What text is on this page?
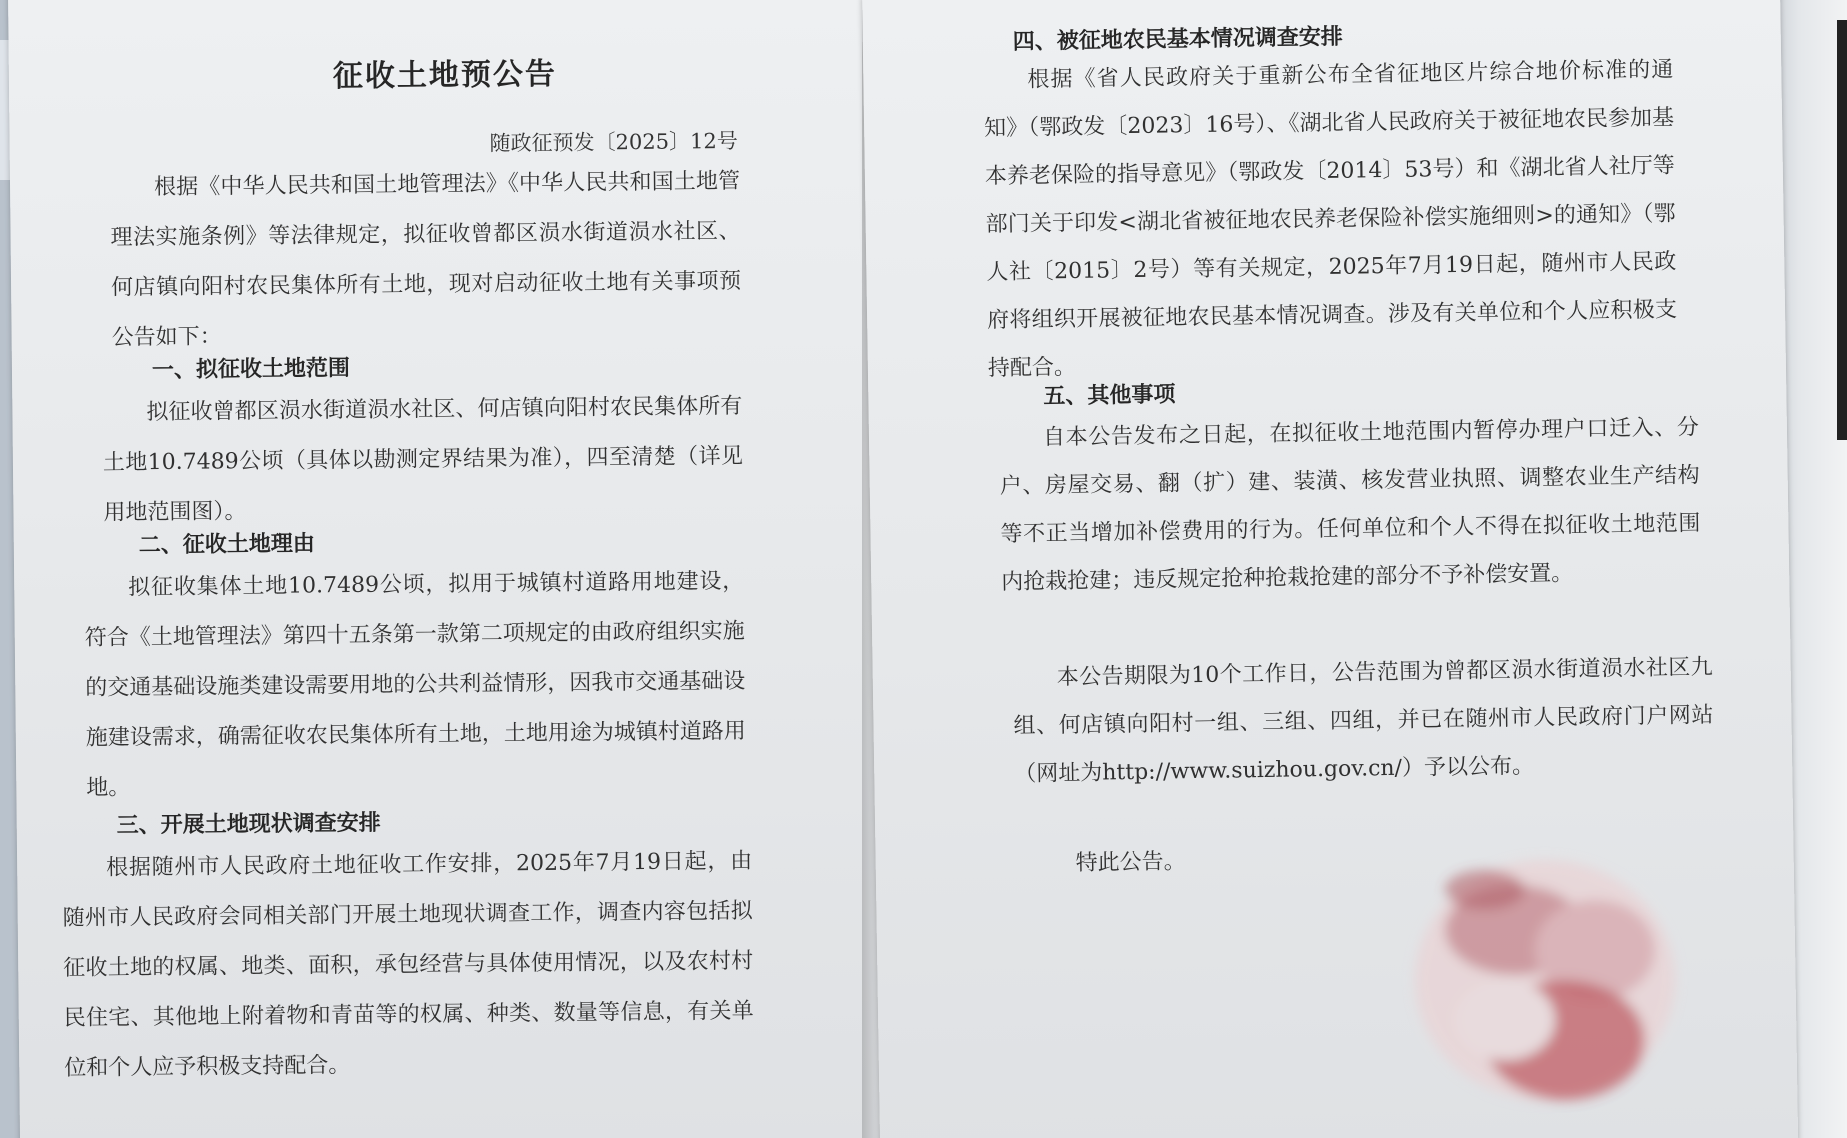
征收土地预公告
随政征预发〔2025〕12号
根据《中华人民共和国土地管理法》《中华人民共和国土地管理法实施条例》等法律规定，拟征收曾都区涢水街道涢水社区、何店镇向阳村农民集体所有土地，现对启动征收土地有关事项预公告如下：
一、拟征收土地范围
拟征收曾都区涢水街道涢水社区、何店镇向阳村农民集体所有土地10.7489公顷（具体以勘测定界结果为准），四至清楚（详见用地范围图）。
二、征收土地理由
拟征收集体土地10.7489公顷，拟用于城镇村道路用地建设，符合《土地管理法》第四十五条第一款第二项规定的由政府组织实施的交通基础设施类建设需要用地的公共利益情形，因我市交通基础设施建设需求，确需征收农民集体所有土地，土地用途为城镇村道路用地。
三、开展土地现状调查安排
根据随州市人民政府土地征收工作安排，2025年7月19日起，由随州市人民政府会同相关部门开展土地现状调查工作，调查内容包括拟征收土地的权属、地类、面积，承包经营与具体使用情况，以及农村村民住宅、其他地上附着物和青苗等的权属、种类、数量等信息，有关单位和个人应予积极支持配合。
四、被征地农民基本情况调查安排
根据《省人民政府关于重新公布全省征地区片综合地价标准的通知》（鄂政发〔2023〕16号）、《湖北省人民政府关于被征地农民参加基本养老保险的指导意见》（鄂政发〔2014〕53号）和《湖北省人社厅等部门关于印发<湖北省被征地农民养老保险补偿实施细则>的通知》（鄂人社〔2015〕2号）等有关规定，2025年7月19日起，随州市人民政府将组织开展被征地农民基本情况调查。涉及有关单位和个人应积极支持配合。
五、其他事项
自本公告发布之日起，在拟征收土地范围内暂停办理户口迁入、分户、房屋交易、翻（扩）建、装潢、核发营业执照、调整农业生产结构等不正当增加补偿费用的行为。任何单位和个人不得在拟征收土地范围内抢栽抢建；违反规定抢种抢栽抢建的部分不予补偿安置。
本公告期限为10个工作日，公告范围为曾都区涢水街道涢水社区九组、何店镇向阳村一组、三组、四组，并已在随州市人民政府门户网站（网址为http://www.suizhou.gov.cn/）予以公布。
特此公告。
